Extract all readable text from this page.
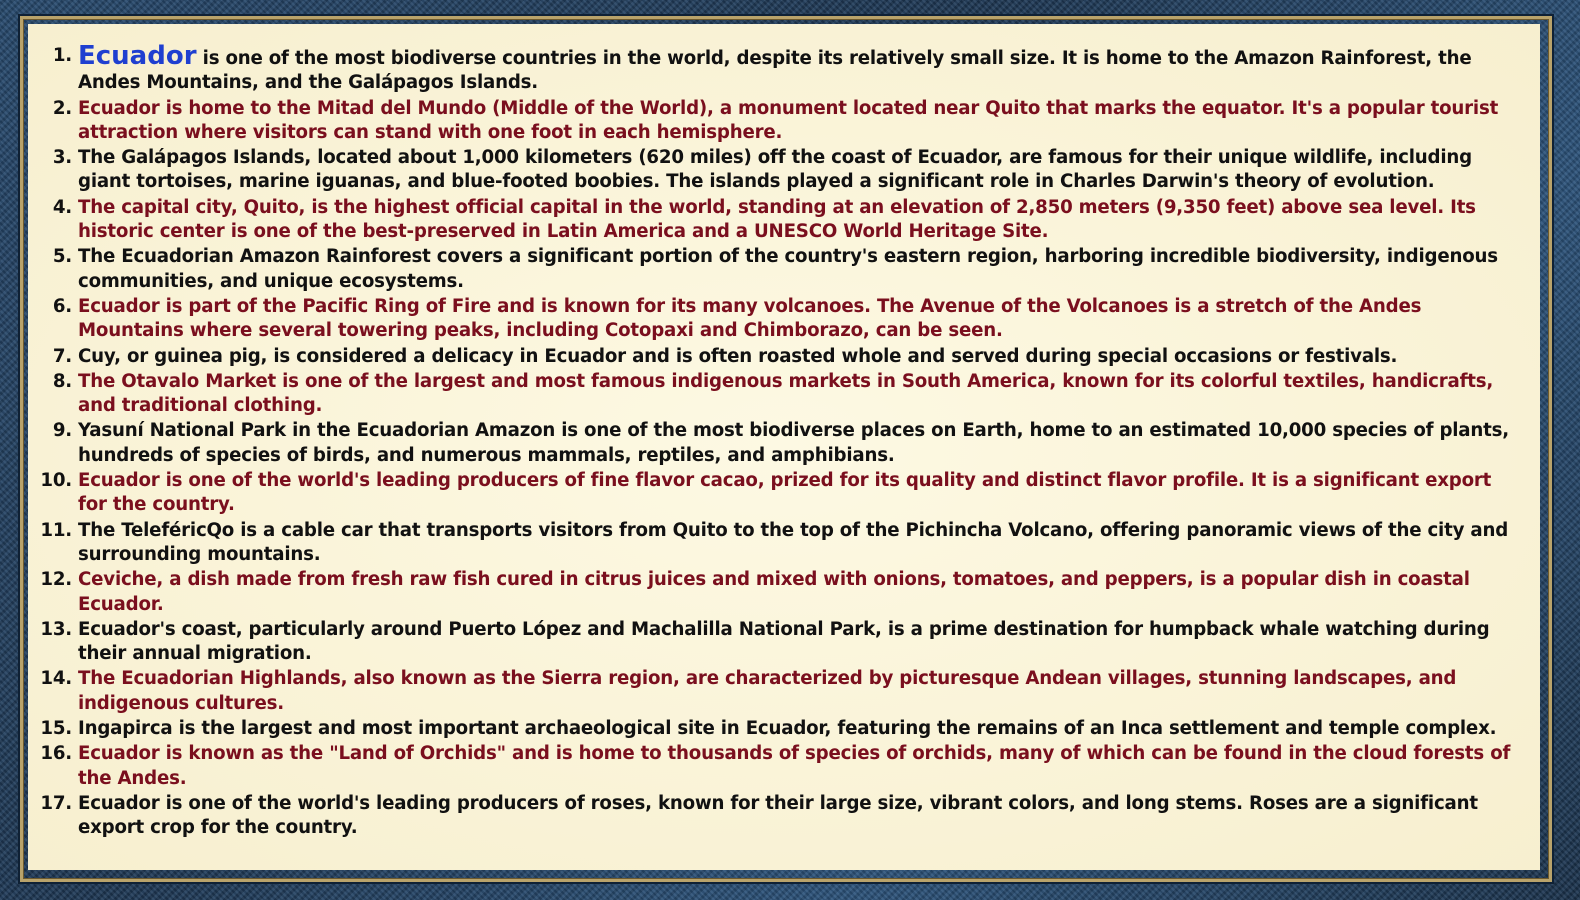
1. Ecuador is one of the most biodiverse countries in the world, despite its relatively small size. It is home to the Amazon Rainforest, the Andes Mountains, and the Galápagos Islands.
2. Ecuador is home to the Mitad del Mundo (Middle of the World), a monument located near Quito that marks the equator. It's a popular tourist attraction where visitors can stand with one foot in each hemisphere.
3. The Galápagos Islands, located about 1,000 kilometers (620 miles) off the coast of Ecuador, are famous for their unique wildlife, including giant tortoises, marine iguanas, and blue-footed boobies. The islands played a significant role in Charles Darwin's theory of evolution.
4. The capital city, Quito, is the highest official capital in the world, standing at an elevation of 2,850 meters (9,350 feet) above sea level. Its historic center is one of the best-preserved in Latin America and a UNESCO World Heritage Site.
5. The Ecuadorian Amazon Rainforest covers a significant portion of the country's eastern region, harboring incredible biodiversity, indigenous communities, and unique ecosystems.
6. Ecuador is part of the Pacific Ring of Fire and is known for its many volcanoes. The Avenue of the Volcanoes is a stretch of the Andes Mountains where several towering peaks, including Cotopaxi and Chimborazo, can be seen.
7. Cuy, or guinea pig, is considered a delicacy in Ecuador and is often roasted whole and served during special occasions or festivals.
8. The Otavalo Market is one of the largest and most famous indigenous markets in South America, known for its colorful textiles, handicrafts, and traditional clothing.
9. Yasuní National Park in the Ecuadorian Amazon is one of the most biodiverse places on Earth, home to an estimated 10,000 species of plants, hundreds of species of birds, and numerous mammals, reptiles, and amphibians.
10. Ecuador is one of the world's leading producers of fine flavor cacao, prized for its quality and distinct flavor profile. It is a significant export for the country.
11. The TeleféricQo is a cable car that transports visitors from Quito to the top of the Pichincha Volcano, offering panoramic views of the city and surrounding mountains.
12. Ceviche, a dish made from fresh raw fish cured in citrus juices and mixed with onions, tomatoes, and peppers, is a popular dish in coastal Ecuador.
13. Ecuador's coast, particularly around Puerto López and Machalilla National Park, is a prime destination for humpback whale watching during their annual migration.
14. The Ecuadorian Highlands, also known as the Sierra region, are characterized by picturesque Andean villages, stunning landscapes, and indigenous cultures.
15. Ingapirca is the largest and most important archaeological site in Ecuador, featuring the remains of an Inca settlement and temple complex.
16. Ecuador is known as the "Land of Orchids" and is home to thousands of species of orchids, many of which can be found in the cloud forests of the Andes.
17. Ecuador is one of the world's leading producers of roses, known for their large size, vibrant colors, and long stems. Roses are a significant export crop for the country.
